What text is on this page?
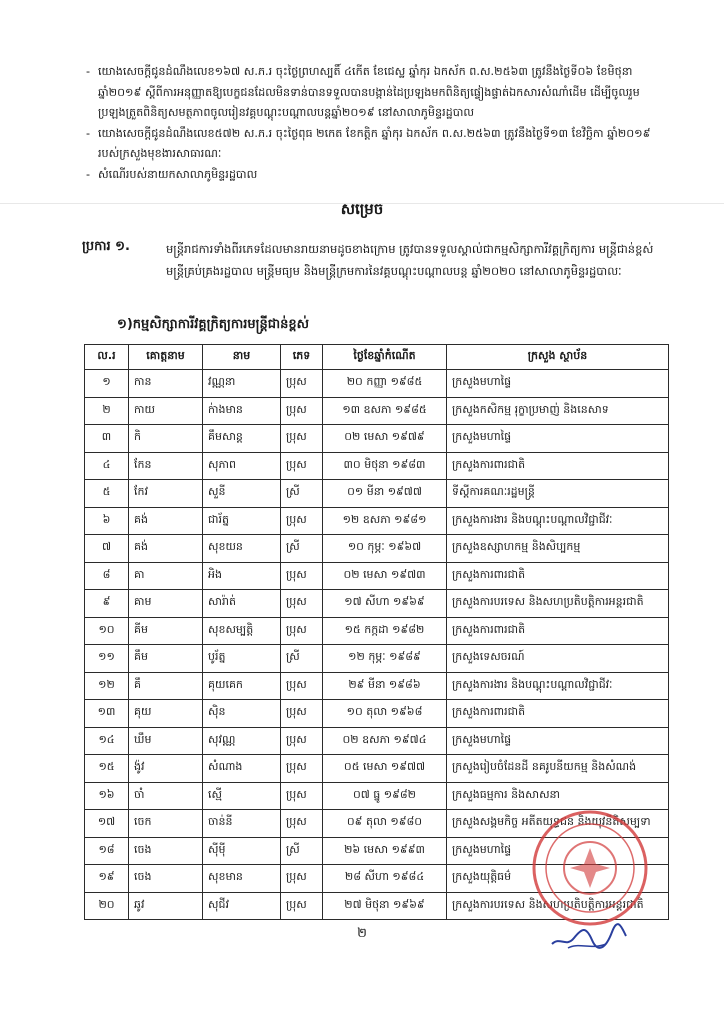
- យោងសេចក្ដីជូនដំណឹងលេខ១៦៧ ស.ភ.រ ចុះថ្ងៃព្រហស្បតិ៍ ៤កើត ខែជេស្ឋ ឆ្នាំកុរ ឯកស័ក ព.ស.២៥៦៣ ត្រូវនឹងថ្ងៃទី០៦ ខែមិថុនា ឆ្នាំ២០១៩ ស្ដីពីការអនុញ្ញាតឱ្យបេក្ខជនដែលមិនទាន់បានទទួលបានបង្កាន់ដៃប្រឡងមកពិនិត្យផ្ទៀងផ្ទាត់ឯកសារសំណាំដើម ដើម្បីចូលរួមប្រឡងត្រួតពិនិត្យសមត្ថភាពចូលរៀនវគ្គបណ្ដុះបណ្ដាលបន្តឆ្នាំ២០១៩ នៅសាលាភូមិន្ទរដ្ឋបាល
- យោងសេចក្ដីជូនដំណឹងលេខ៥៧២ ស.ភ.រ ចុះថ្ងៃពុធ ២កេត ខែកត្ដិក ឆ្នាំកុរ ឯកស័ក ព.ស.២៥៦៣ ត្រូវនឹងថ្ងៃទី១៣ ខែវិច្ឆិកា ឆ្នាំ២០១៩ របស់ក្រសួងមុខងារសាធារណៈ
- សំណើរបស់នាយកសាលាភូមិន្ទរដ្ឋបាល
សម្រេច
ប្រការ ១.	មន្ត្រីរាជការទាំងពីរភេទដែលមានរាយនាមដូចខាងក្រោម ត្រូវបានទទួលស្គាល់ជាកម្មសិក្សាការីវគ្គក្រិត្យការ មន្ត្រីជាន់ខ្ពស់ មន្ត្រីគ្រប់គ្រងរដ្ឋបាល មន្ត្រីមធ្យម និងមន្ត្រីក្រមការនៃវគ្គបណ្ដុះបណ្ដាលបន្ត ឆ្នាំ២០២០ នៅសាលាភូមិន្ទរដ្ឋបាលៈ
១)កម្មសិក្សាការីវគ្គក្រិត្យការមន្ត្រីជាន់ខ្ពស់
ល.រ	គោត្តនាម	នាម	ភេទ	ថ្ងៃខែឆ្នាំកំណើត	ក្រសួង ស្ថាប័ន
១	កាន	វណ្ណនា	ប្រុស	២០ កញ្ញា ១៩៨៥	ក្រសួងមហាផ្ទៃ
២	កាយ	ក់ាងមាន	ប្រុស	១៣ ឧសភា ១៩៨៥	ក្រសួងកសិកម្ម រុក្ខាប្រមាញ់ និងនេសាទ
៣	កិ	គឹមសាន្ត	ប្រុស	០២ មេសា ១៩៧៩	ក្រសួងមហាផ្ទៃ
៤	កែន	សុភាព	ប្រុស	៣០ មិថុនា ១៩៨៣	ក្រសួងការពារជាតិ
៥	កែវ	សួនី	ស្រី	០១ មីនា ១៩៧៧	ទីស្ដីការគណៈរដ្ឋមន្ត្រី
៦	គង់	ជារ័ត្ន	ប្រុស	១២ ឧសភា ១៩៨១	ក្រសួងការងារ និងបណ្ដុះបណ្ដាលវិជ្ជាជីវៈ
៧	គង់	សុខយន	ស្រី	១០ កុម្ភៈ ១៩៦៧	ក្រសួងឧស្សាហកម្ម និងសិប្បកម្ម
៨	គា	អិង	ប្រុស	០២ មេសា ១៩៧៣	ក្រសួងការពារជាតិ
៩	គាម	សារ៉ាត់	ប្រុស	១៧ សីហា ១៩៦៩	ក្រសួងការបរទេស និងសហប្រតិបត្តិការអន្តរជាតិ
១០	គីម	សុខសម្បត្តិ	ប្រុស	១៥ កក្កដា ១៩៨២	ក្រសួងការពារជាតិ
១១	គឹម	បូរ័ត្ន	ស្រី	១២ កុម្ភៈ ១៩៨៩	ក្រសួងទេសចរណ៍
១២	គឹ	គុយគេក	ប្រុស	២៩ មីនា ១៩៨៦	ក្រសួងការងារ និងបណ្ដុះបណ្ដាលវិជ្ជាជីវៈ
១៣	គុយ	ស៊ិន	ប្រុស	១០ តុលា ១៩៦៨	ក្រសួងការពារជាតិ
១៤	ឃឹម	សុវណ្ណ	ប្រុស	០២ ឧសភា ១៩៧៤	ក្រសួងមហាផ្ទៃ
១៥	ង៉ូវ	សំណាង	ប្រុស	០៥ មេសា ១៩៧៧	ក្រសួងរៀបចំដែនដី នគរូបនីយកម្ម និងសំណង់
១៦	ចាំ	ស្មើ	ប្រុស	០៧ ធ្នូ ១៩៨២	ក្រសួងធម្មការ និងសាសនា
១៧	ចេក	ចាន់នី	ប្រុស	០៩ តុលា ១៩៨០	ក្រសួងសង្គមកិច្ច អតីតយុទ្ធជន និងយុវនីតិសម្បទា
១៨	ចេង	ស៊ីម៉ី	ស្រី	២៦ មេសា ១៩៩៣	ក្រសួងមហាផ្ទៃ
១៩	ចេង	សុខមាន	ប្រុស	២៨ សីហា ១៩៨៤	ក្រសួងយុត្តិធម៌
២០	ឆូវ	សុជីវ	ប្រុស	២៧ មិថុនា ១៩៦៩	ក្រសួងការបរទេស និងសហប្រតិបត្តិការអន្តរជាតិ
២
